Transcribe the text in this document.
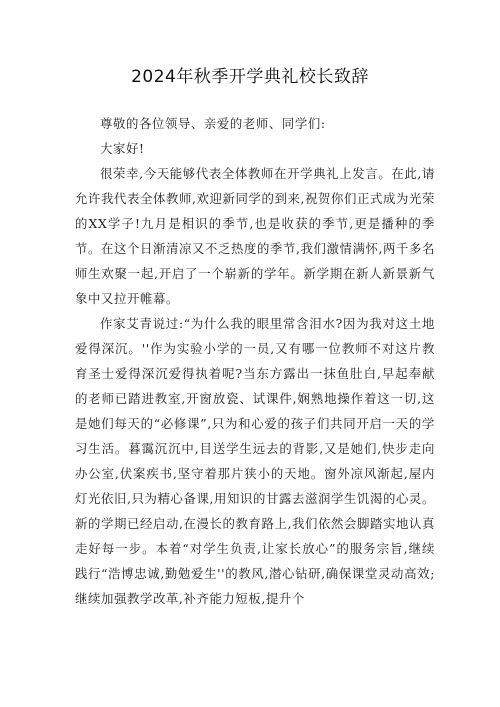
2024年秋季开学典礼校长致辞

尊敬的各位领导、亲爱的老师、同学们:

大家好!

很荣幸,今天能够代表全体教师在开学典礼上发言。在此,请允许我代表全体教师,欢迎新同学的到来,祝贺你们正式成为光荣的XX学子!九月是相识的季节,也是收获的季节,更是播种的季节。在这个日渐清凉又不乏热度的季节,我们激情满怀,两千多名师生欢聚一起,开启了一个崭新的学年。新学期在新人新景新气象中又拉开帷幕。

作家艾青说过:“为什么我的眼里常含泪水?因为我对这土地爱得深沉。''作为实验小学的一员,又有哪一位教师不对这片教育圣士爱得深沉爱得执着呢?当东方露出一抹鱼肚白,早起奉献的老师已踏进教室,开窗放瓷、试课件,娴熟地操作着这一切,这是她们每天的“必修课”,只为和心爱的孩子们共同开启一天的学习生活。暮霭沉沉中,目送学生远去的背影,又是她们,快步走向办公室,伏案疾书,坚守着那片狭小的天地。窗外凉风渐起,屋内灯光依旧,只为精心备课,用知识的甘露去滋润学生饥渴的心灵。新的学期已经启动,在漫长的教育路上,我们依然会脚踏实地认真走好每一步。本着“对学生负责,让家长放心”的服务宗旨,继续践行“浩博忠诚,勤勉爱生''的教风,潜心钻研,确保课堂灵动高效;继续加强教学改革,补齐能力短板,提升个
